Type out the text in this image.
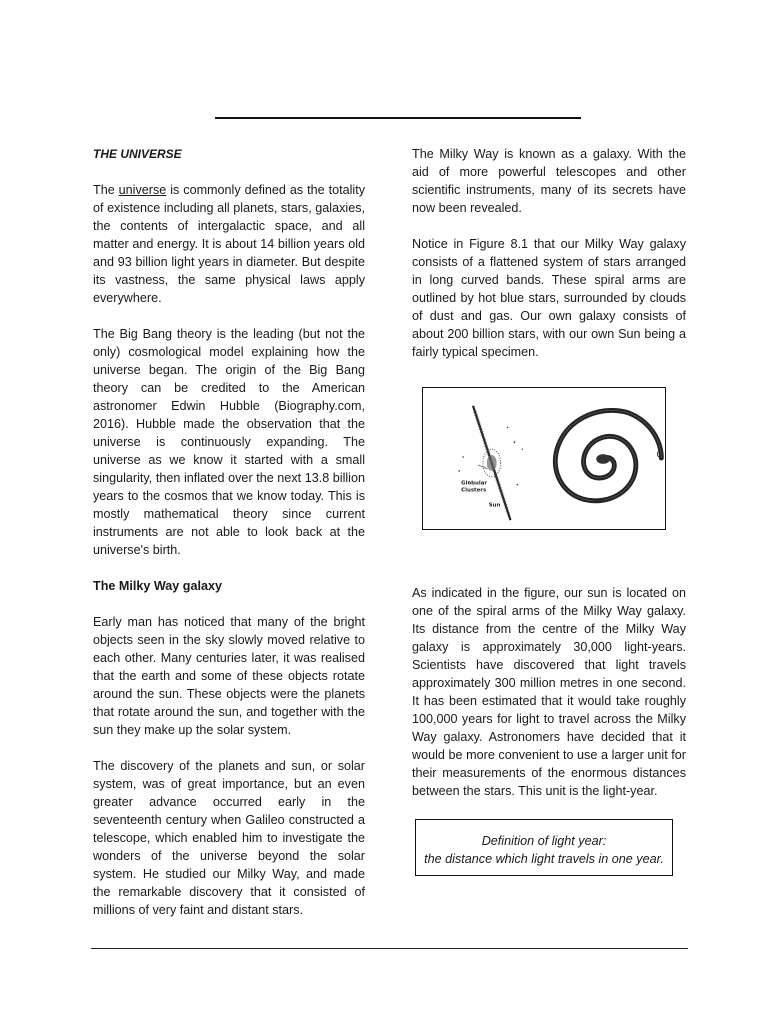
THE UNIVERSE

The universe is commonly defined as the totality of existence including all planets, stars, galaxies, the contents of intergalactic space, and all matter and energy. It is about 14 billion years old and 93 billion light years in diameter. But despite its vastness, the same physical laws apply everywhere.

The Big Bang theory is the leading (but not the only) cosmological model explaining how the universe began. The origin of the Big Bang theory can be credited to the American astronomer Edwin Hubble (Biography.com, 2016). Hubble made the observation that the universe is continuously expanding. The universe as we know it started with a small singularity, then inflated over the next 13.8 billion years to the cosmos that we know today. This is mostly mathematical theory since current instruments are not able to look back at the universe's birth.

The Milky Way galaxy

Early man has noticed that many of the bright objects seen in the sky slowly moved relative to each other. Many centuries later, it was realised that the earth and some of these objects rotate around the sun. These objects were the planets that rotate around the sun, and together with the sun they make up the solar system.

The discovery of the planets and sun, or solar system, was of great importance, but an even greater advance occurred early in the seventeenth century when Galileo constructed a telescope, which enabled him to investigate the wonders of the universe beyond the solar system. He studied our Milky Way, and made the remarkable discovery that it consisted of millions of very faint and distant stars.

The Milky Way is known as a galaxy. With the aid of more powerful telescopes and other scientific instruments, many of its secrets have now been revealed.

Notice in Figure 8.1 that our Milky Way galaxy consists of a flattened system of stars arranged in long curved bands. These spiral arms are outlined by hot blue stars, surrounded by clouds of dust and gas. Our own galaxy consists of about 200 billion stars, with our own Sun being a fairly typical specimen.

Globular
Clusters
Sun
Sun

As indicated in the figure, our sun is located on one of the spiral arms of the Milky Way galaxy. Its distance from the centre of the Milky Way galaxy is approximately 30,000 light-years. Scientists have discovered that light travels approximately 300 million metres in one second. It has been estimated that it would take roughly 100,000 years for light to travel across the Milky Way galaxy. Astronomers have decided that it would be more convenient to use a larger unit for their measurements of the enormous distances between the stars. This unit is the light-year.

Definition of light year:
the distance which light travels in one year.
